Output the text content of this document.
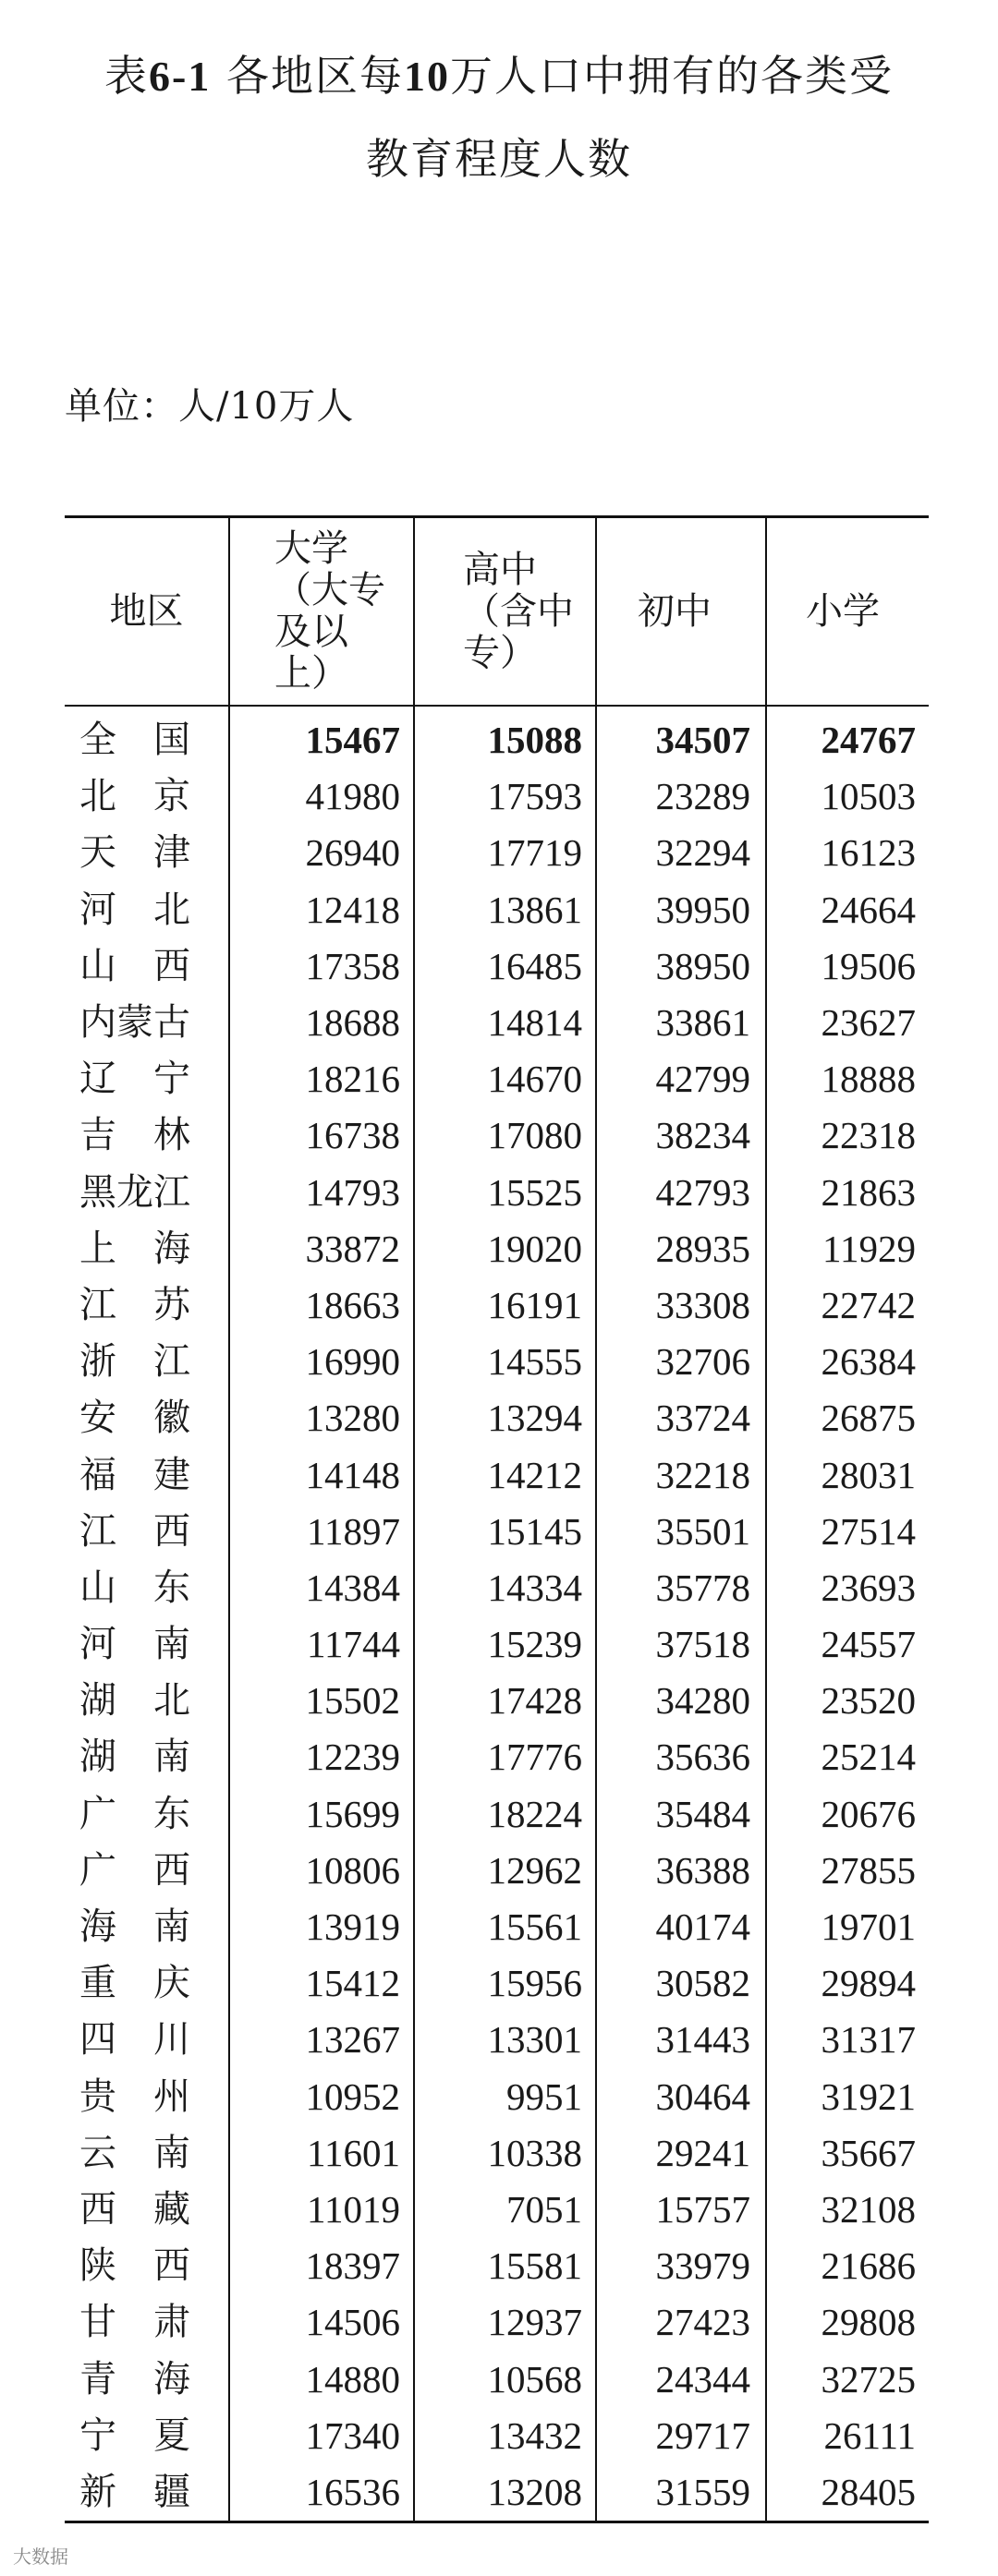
表6-1 各地区每10万人口中拥有的各类受
教育程度人数
单位：人/10万人
地区	大学（大专及以上）	高中（含中专）	初中	小学

全 国	15467	15088	34507	24767
北 京	41980	17593	23289	10503
天 津	26940	17719	32294	16123
河 北	12418	13861	39950	24664
山 西	17358	16485	38950	19506
内蒙古	18688	14814	33861	23627
辽 宁	18216	14670	42799	18888
吉 林	16738	17080	38234	22318
黑龙江	14793	15525	42793	21863
上 海	33872	19020	28935	11929
江 苏	18663	16191	33308	22742
浙 江	16990	14555	32706	26384
安 徽	13280	13294	33724	26875
福 建	14148	14212	32218	28031
江 西	11897	15145	35501	27514
山 东	14384	14334	35778	23693
河 南	11744	15239	37518	24557
湖 北	15502	17428	34280	23520
湖 南	12239	17776	35636	25214
广 东	15699	18224	35484	20676
广 西	10806	12962	36388	27855
海 南	13919	15561	40174	19701
重 庆	15412	15956	30582	29894
四 川	13267	13301	31443	31317
贵 州	10952	9951	30464	31921
云 南	11601	10338	29241	35667
西 藏	11019	7051	15757	32108
陕 西	18397	15581	33979	21686
甘 肃	14506	12937	27423	29808
青 海	14880	10568	24344	32725
宁 夏	17340	13432	29717	26111
新 疆	16536	13208	31559	28405
大数据
